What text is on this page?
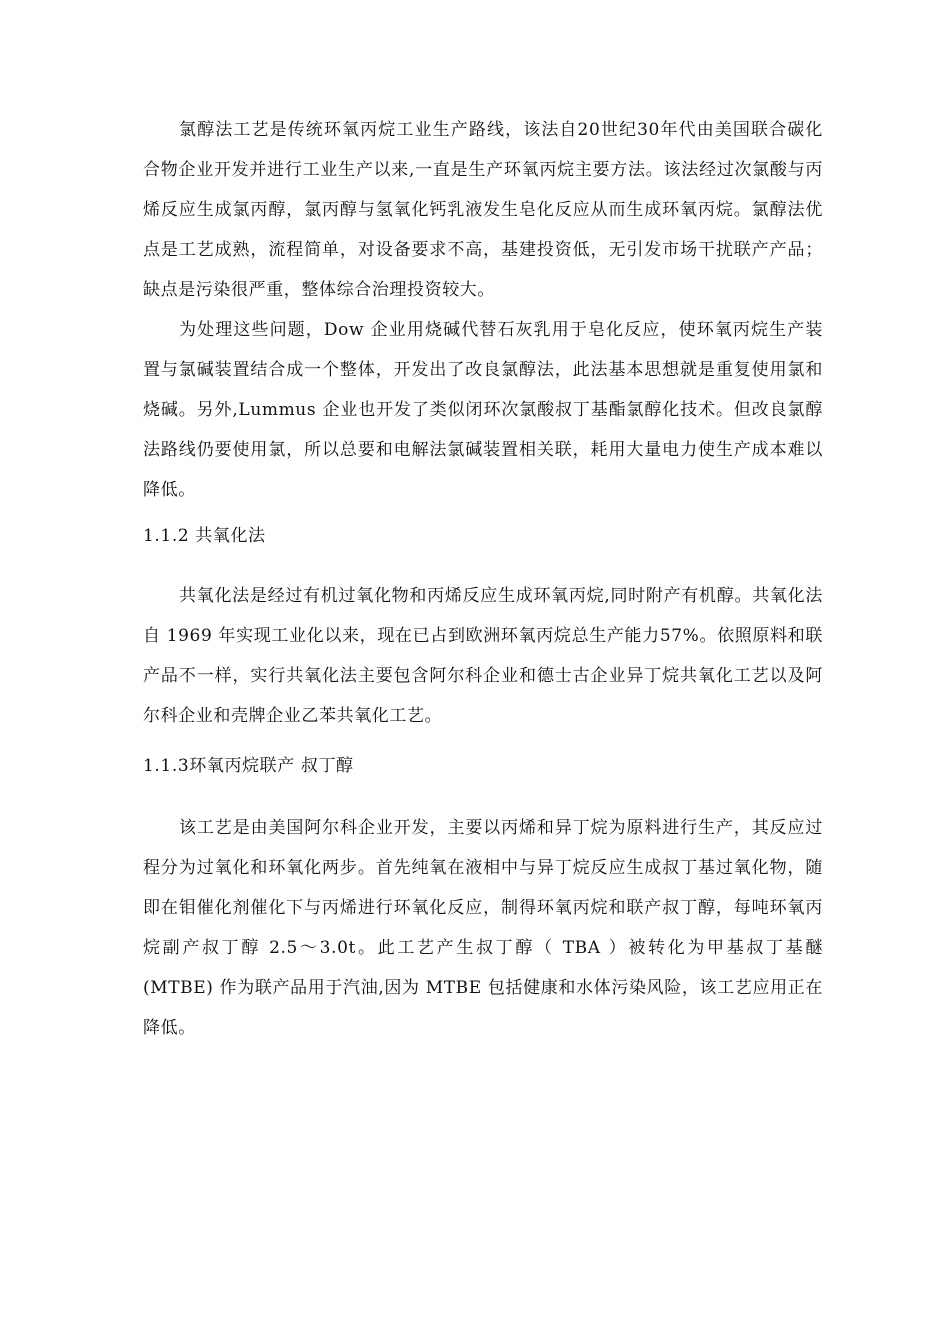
氯醇法工艺是传统环氧丙烷工业生产路线，该法自20世纪30年代由美国联合碳化合物企业开发并进行工业生产以来,一直是生产环氧丙烷主要方法。该法经过次氯酸与丙烯反应生成氯丙醇，氯丙醇与氢氧化钙乳液发生皂化反应从而生成环氧丙烷。氯醇法优点是工艺成熟，流程简单，对设备要求不高，基建投资低，无引发市场干扰联产产品；缺点是污染很严重，整体综合治理投资较大。

为处理这些问题，Dow 企业用烧碱代替石灰乳用于皂化反应，使环氧丙烷生产装置与氯碱装置结合成一个整体，开发出了改良氯醇法，此法基本思想就是重复使用氯和烧碱。另外,Lummus 企业也开发了类似闭环次氯酸叔丁基酯氯醇化技术。但改良氯醇法路线仍要使用氯，所以总要和电解法氯碱装置相关联，耗用大量电力使生产成本难以降低。

1.1.2 共氧化法

共氧化法是经过有机过氧化物和丙烯反应生成环氧丙烷,同时附产有机醇。共氧化法自 1969 年实现工业化以来，现在已占到欧洲环氧丙烷总生产能力57%。依照原料和联产品不一样，实行共氧化法主要包含阿尔科企业和德士古企业异丁烷共氧化工艺以及阿尔科企业和壳牌企业乙苯共氧化工艺。

1.1.3环氧丙烷联产 叔丁醇

该工艺是由美国阿尔科企业开发，主要以丙烯和异丁烷为原料进行生产，其反应过程分为过氧化和环氧化两步。首先纯氧在液相中与异丁烷反应生成叔丁基过氧化物，随即在钼催化剂催化下与丙烯进行环氧化反应，制得环氧丙烷和联产叔丁醇，每吨环氧丙烷副产叔丁醇 2.5～3.0t。此工艺产生叔丁醇（ TBA ）被转化为甲基叔丁基醚(MTBE) 作为联产品用于汽油,因为 MTBE 包括健康和水体污染风险，该工艺应用正在降低。
